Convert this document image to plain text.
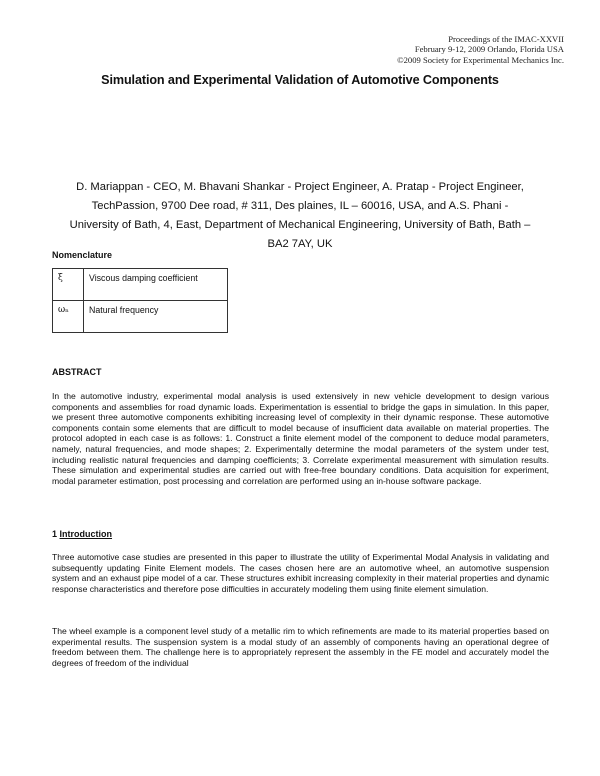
Proceedings of the IMAC-XXVII
February 9-12, 2009 Orlando, Florida USA
©2009 Society for Experimental Mechanics Inc.
Simulation and Experimental Validation of Automotive Components
D. Mariappan - CEO, M. Bhavani Shankar - Project Engineer, A. Pratap - Project Engineer,
TechPassion, 9700 Dee road, # 311, Des plaines, IL – 60016, USA, and A.S. Phani -
University of Bath, 4, East, Department of Mechanical Engineering, University of Bath, Bath –
BA2 7AY, UK
Nomenclature
ξ	Viscous damping coefficient
ωₙ	Natural frequency
ABSTRACT

In the automotive industry, experimental modal analysis is used extensively in new vehicle development to design various components and assemblies for road dynamic loads. Experimentation is essential to bridge the gaps in simulation. In this paper, we present three automotive components exhibiting increasing level of complexity in their dynamic response. These automotive components contain some elements that are difficult to model because of insufficient data available on material properties. The protocol adopted in each case is as follows: 1. Construct a finite element model of the component to deduce modal parameters, namely, natural frequencies, and mode shapes; 2. Experimentally determine the modal parameters of the system under test, including realistic natural frequencies and damping coefficients; 3. Correlate experimental measurement with simulation results. These simulation and experimental studies are carried out with free-free boundary conditions. Data acquisition for experiment, modal parameter estimation, post processing and correlation are performed using an in-house software package.

1 Introduction

Three automotive case studies are presented in this paper to illustrate the utility of Experimental Modal Analysis in validating and subsequently updating Finite Element models. The cases chosen here are an automotive wheel, an automotive suspension system and an exhaust pipe model of a car. These structures exhibit increasing complexity in their material properties and dynamic response characteristics and therefore pose difficulties in accurately modeling them using finite element simulation.

The wheel example is a component level study of a metallic rim to which refinements are made to its material properties based on experimental results. The suspension system is a modal study of an assembly of components having an operational degree of freedom between them. The challenge here is to appropriately represent the assembly in the FE model and accurately model the degrees of freedom of the individual
